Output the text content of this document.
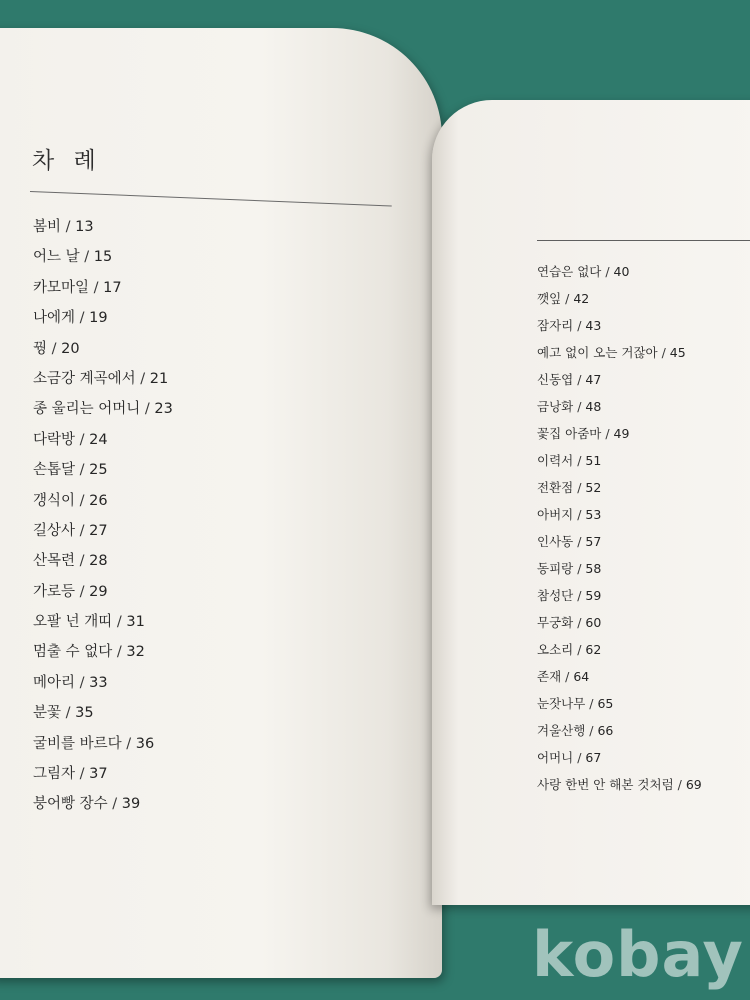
차 례
봄비 / 13
어느 날 / 15
카모마일 / 17
나에게 / 19
꿩 / 20
소금강 계곡에서 / 21
종 울리는 어머니 / 23
다락방 / 24
손톱달 / 25
갱식이 / 26
길상사 / 27
산목련 / 28
가로등 / 29
오팔 넌 개띠 / 31
멈출 수 없다 / 32
메아리 / 33
분꽃 / 35
굴비를 바르다 / 36
그림자 / 37
붕어빵 장수 / 39
연습은 없다 / 40
깻잎 / 42
잠자리 / 43
예고 없이 오는 거잖아 / 45
신동엽 / 47
금낭화 / 48
꽃집 아줌마 / 49
이력서 / 51
전환점 / 52
아버지 / 53
인사동 / 57
동피랑 / 58
참성단 / 59
무궁화 / 60
오소리 / 62
존재 / 64
눈잣나무 / 65
겨울산행 / 66
어머니 / 67
사랑 한번 안 해본 것처럼 / 69
kobay
